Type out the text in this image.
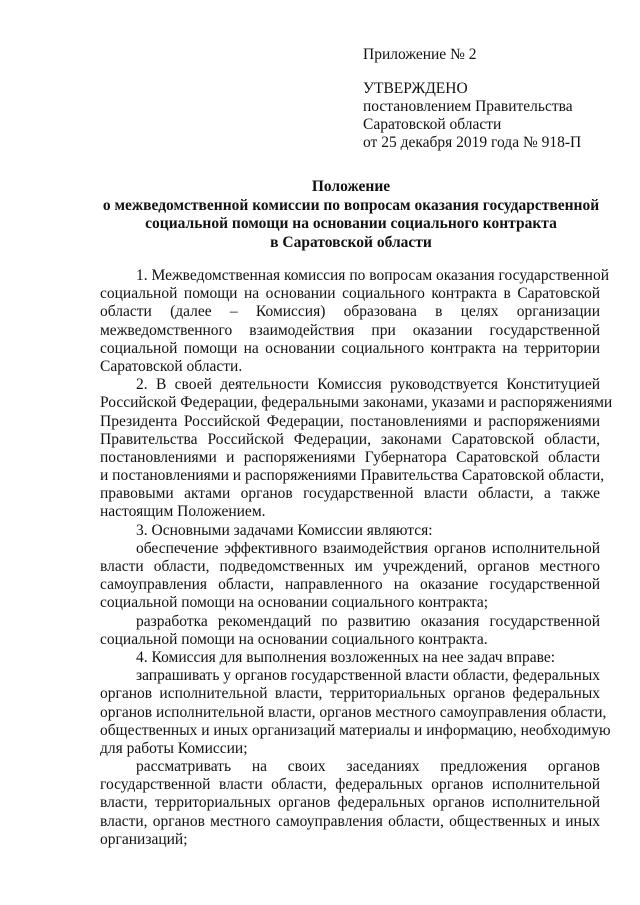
Приложение № 2
УТВЕРЖДЕНО
постановлением Правительства
Саратовской области
от 25 декабря 2019 года № 918-П
Положение
о межведомственной комиссии по вопросам оказания государственной
социальной помощи на основании социального контракта
в Саратовской области
1. Межведомственная комиссия по вопросам оказания государственной
социальной помощи на основании социального контракта в Саратовской
области (далее – Комиссия) образована в целях организации
межведомственного взаимодействия при оказании государственной
социальной помощи на основании социального контракта на территории
Саратовской области.
2. В своей деятельности Комиссия руководствуется Конституцией
Российской Федерации, федеральными законами, указами и распоряжениями
Президента Российской Федерации, постановлениями и распоряжениями
Правительства Российской Федерации, законами Саратовской области,
постановлениями и распоряжениями Губернатора Саратовской области
и постановлениями и распоряжениями Правительства Саратовской области,
правовыми актами органов государственной власти области, а также
настоящим Положением.
3. Основными задачами Комиссии являются:
обеспечение эффективного взаимодействия органов исполнительной
власти области, подведомственных им учреждений, органов местного
самоуправления области, направленного на оказание государственной
социальной помощи на основании социального контракта;
разработка рекомендаций по развитию оказания государственной
социальной помощи на основании социального контракта.
4. Комиссия для выполнения возложенных на нее задач вправе:
запрашивать у органов государственной власти области, федеральных
органов исполнительной власти, территориальных органов федеральных
органов исполнительной власти, органов местного самоуправления области,
общественных и иных организаций материалы и информацию, необходимую
для работы Комиссии;
рассматривать на своих заседаниях предложения органов
государственной власти области, федеральных органов исполнительной
власти, территориальных органов федеральных органов исполнительной
власти, органов местного самоуправления области, общественных и иных
организаций;
